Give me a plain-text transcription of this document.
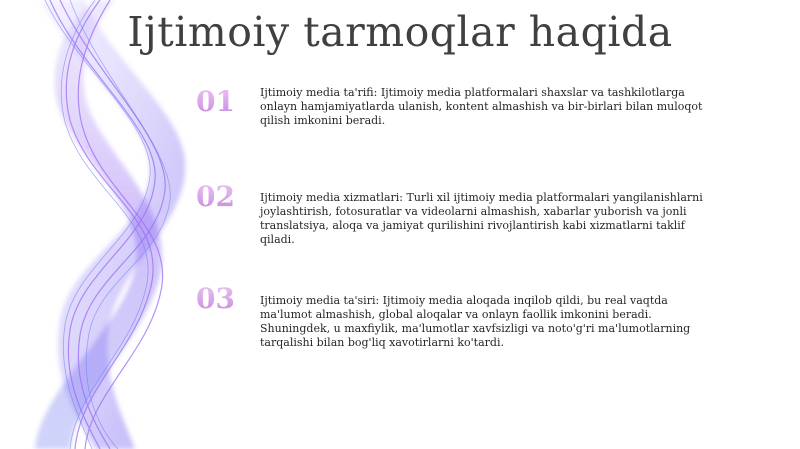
Ijtimoiy tarmoqlar haqida
01	Ijtimoiy media ta'rifi: Ijtimoiy media platformalari shaxslar va tashkilotlarga onlayn hamjamiyatlarda ulanish, kontent almashish va bir-birlari bilan muloqot qilish imkonini beradi.
02	Ijtimoiy media xizmatlari: Turli xil ijtimoiy media platformalari yangilanishlarni joylashtirish, fotosuratlar va videolarni almashish, xabarlar yuborish va jonli translatsiya, aloqa va jamiyat qurilishini rivojlantirish kabi xizmatlarni taklif qiladi.
03	Ijtimoiy media ta'siri: Ijtimoiy media aloqada inqilob qildi, bu real vaqtda ma'lumot almashish, global aloqalar va onlayn faollik imkonini beradi. Shuningdek, u maxfiylik, ma'lumotlar xavfsizligi va noto'g'ri ma'lumotlarning tarqalishi bilan bog'liq xavotirlarni ko'tardi.
